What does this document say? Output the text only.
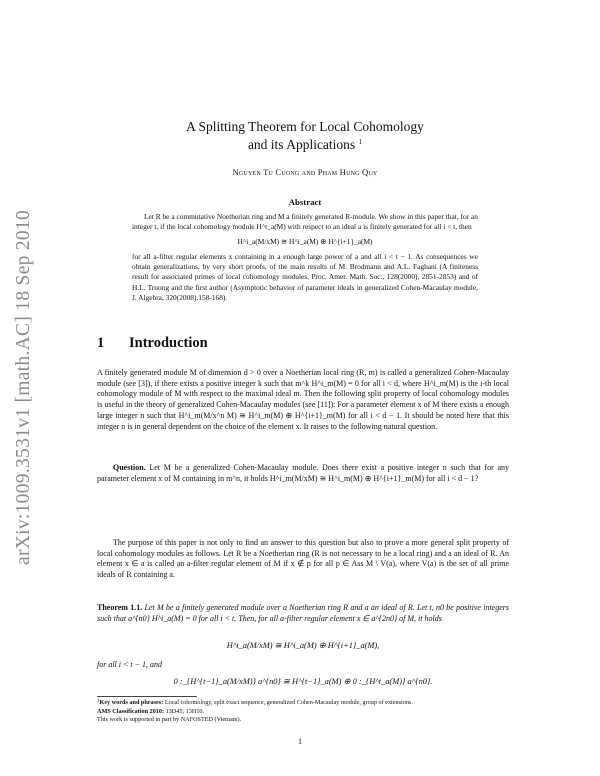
arXiv:1009.3531v1 [math.AC] 18 Sep 2010
A Splitting Theorem for Local Cohomology
and its Applications $^1$
Nguyen Tu Cuong and Pham Hung Quy
Abstract

Let R be a commutative Noetherian ring and M a finitely generated R-module. We show in this paper that, for an integer t, if the local cohomology module H^t_a(M) with respect to an ideal a is finitely generated for all i < t, then

H^i_a(M/xM) ≅ H^i_a(M) ⊕ H^{i+1}_a(M)

for all a-filter regular elements x containing in a enough large power of a and all i < t − 1. As consequences we obtain generalizations, by very short proofs, of the main results of M. Brodmann and A.L. Faghani (A finiteness result for associated primes of local cohomology modules, Proc. Amer. Math. Soc., 128(2000), 2851-2853) and of H.L. Truong and the first author (Asymptotic behavior of parameter ideals in generalized Cohen-Macaulay module, J. Algebra, 320(2008),158-168).

1 Introduction

A finitely generated module M of dimension d > 0 over a Noetherian local ring (R, m) is called a generalized Cohen-Macaulay module (see [3]), if there exists a positive integer k such that m^k H^i_m(M) = 0 for all i < d, where H^i_m(M) is the i-th local cohomology module of M with respect to the maximal ideal m. Then the following split property of local cohomology modules is useful in the theory of generalized Cohen-Macaulay modules (see [11]): For a parameter element x of M there exists a enough large integer n such that H^i_m(M/x^n M) ≅ H^i_m(M) ⊕ H^{i+1}_m(M) for all i < d − 1. It should be noted here that this integer n is in general dependent on the choice of the element x. It raises to the following natural question.

Question. Let M be a generalized Cohen-Macaulay module. Does there exist a positive integer n such that for any parameter element x of M containing in m^n, it holds H^i_m(M/xM) ≅ H^i_m(M) ⊕ H^{i+1}_m(M) for all i < d − 1?

The purpose of this paper is not only to find an answer to this question but also to prove a more general split property of local cohomology modules as follows. Let R be a Noetherian ring (R is not necessary to be a local ring) and a an ideal of R. An element x ∈ a is called an a-filter regular element of M if x ∉ p for all p ∈ Ass M \ V(a), where V(a) is the set of all prime ideals of R containing a.

Theorem 1.1. Let M be a finitely generated module over a Noetherian ring R and a an ideal of R. Let t, n0 be positive integers such that a^{n0} H^i_a(M) = 0 for all i < t. Then, for all a-filter regular element x ∈ a^{2n0} of M, it holds

H^i_a(M/xM) ≅ H^i_a(M) ⊕ H^{i+1}_a(M),
for all i < t − 1, and
0 :_{H^{t−1}_a(M/xM)} a^{n0} ≅ H^{t−1}_a(M) ⊕ 0 :_{H^t_a(M)} a^{n0}.

$^1$Key words and phrases: Local cohomology, split exact sequence, generalized Cohen-Macaulay module, group of extensions.

AMS Classification 2010: 13D45; 13H10.

This work is supported in part by NAFOSTED (Vietnam).

1
